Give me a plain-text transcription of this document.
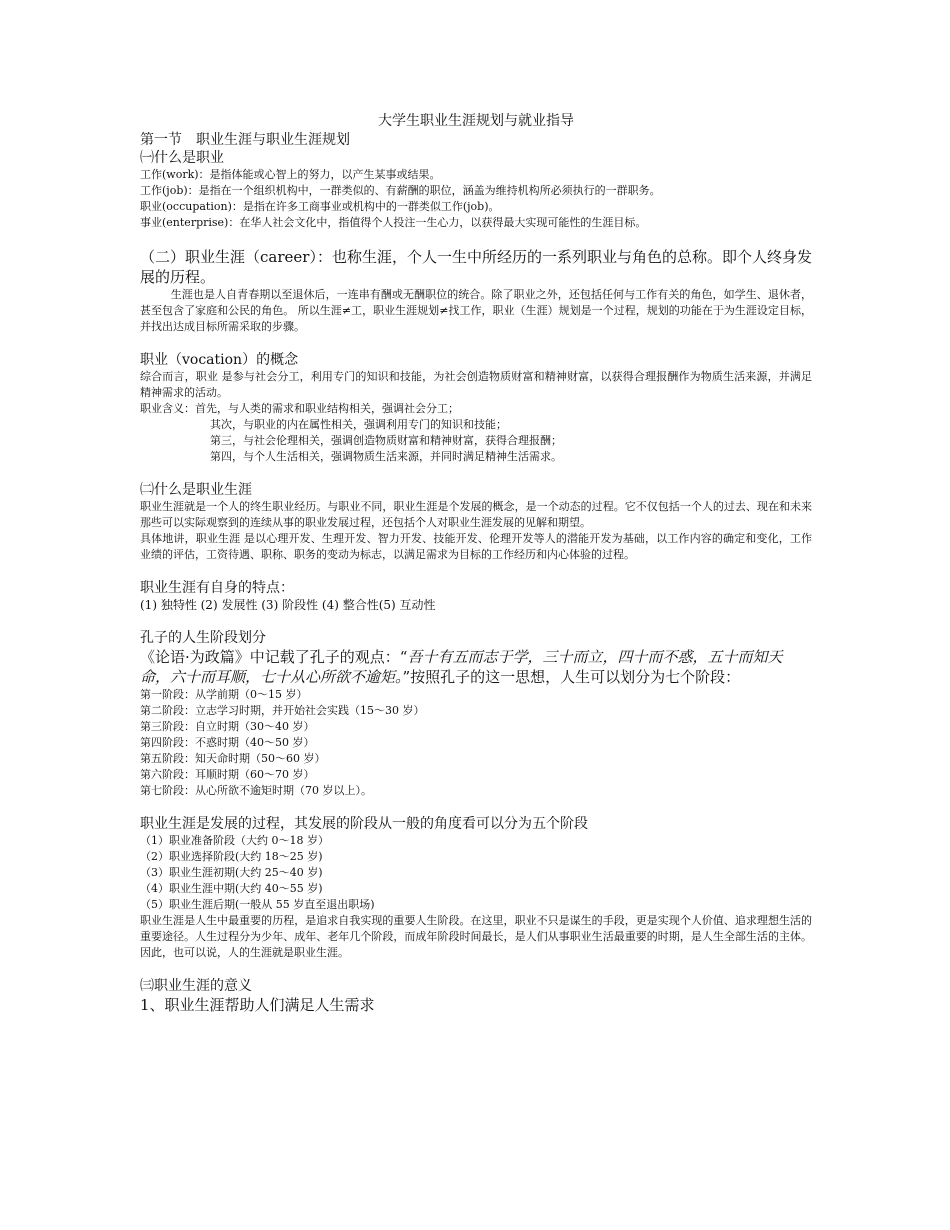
大学生职业生涯规划与就业指导
第一节　职业生涯与职业生涯规划
㈠什么是职业
工作(work)：是指体能或心智上的努力，以产生某事或结果。
工作(job)：是指在一个组织机构中，一群类似的、有薪酬的职位，涵盖为维持机构所必须执行的一群职务。
职业(occupation)：是指在许多工商事业或机构中的一群类似工作(job)。
事业(enterprise)：在华人社会文化中，指值得个人投注一生心力，以获得最大实现可能性的生涯目标。
（二）职业生涯（career）：也称生涯，个人一生中所经历的一系列职业与角色的总称。即个人终身发展的历程。
生涯也是人自青春期以至退休后，一连串有酬或无酬职位的统合。除了职业之外，还包括任何与工作有关的角色，如学生、退休者，甚至包含了家庭和公民的角色。 所以生涯≠工，职业生涯规划≠找工作，职业（生涯）规划是一个过程，规划的功能在于为生涯设定目标，并找出达成目标所需采取的步骤。
职业（vocation）的概念
综合而言，职业 是参与社会分工，利用专门的知识和技能，为社会创造物质财富和精神财富，以获得合理报酬作为物质生活来源，并满足精神需求的活动。
职业含义：首先，与人类的需求和职业结构相关，强调社会分工；
其次，与职业的内在属性相关，强调利用专门的知识和技能；
第三，与社会伦理相关，强调创造物质财富和精神财富，获得合理报酬；
第四，与个人生活相关，强调物质生活来源，并同时满足精神生活需求。
㈡什么是职业生涯
职业生涯就是一个人的终生职业经历。与职业不同，职业生涯是个发展的概念，是一个动态的过程。它不仅包括一个人的过去、现在和未来那些可以实际观察到的连续从事的职业发展过程，还包括个人对职业生涯发展的见解和期望。
具体地讲，职业生涯 是以心理开发、生理开发、智力开发、技能开发、伦理开发等人的潜能开发为基础，以工作内容的确定和变化，工作业绩的评估，工资待遇、职称、职务的变动为标志，以满足需求为目标的工作经历和内心体验的过程。
职业生涯有自身的特点：
(1) 独特性 (2) 发展性 (3) 阶段性 (4) 整合性(5) 互动性
孔子的人生阶段划分
《论语·为政篇》中记载了孔子的观点：“吾十有五而志于学，三十而立，四十而不惑，五十而知天命，六十而耳顺，七十从心所欲不逾矩。”按照孔子的这一思想，人生可以划分为七个阶段：
第一阶段：从学前期（0～15 岁）
第二阶段：立志学习时期，并开始社会实践（15～30 岁）
第三阶段：自立时期（30～40 岁）
第四阶段：不惑时期（40～50 岁）
第五阶段：知天命时期（50～60 岁）
第六阶段：耳顺时期（60～70 岁）
第七阶段：从心所欲不逾矩时期（70 岁以上）。
职业生涯是发展的过程，其发展的阶段从一般的角度看可以分为五个阶段
（1）职业准备阶段（大约 0～18 岁）
（2）职业选择阶段(大约 18～25 岁)
（3）职业生涯初期(大约 25～40 岁)
（4）职业生涯中期(大约 40～55 岁)
（5）职业生涯后期(一般从 55 岁直至退出职场)
职业生涯是人生中最重要的历程，是追求自我实现的重要人生阶段。在这里，职业不只是谋生的手段，更是实现个人价值、追求理想生活的重要途径。人生过程分为少年、成年、老年几个阶段，而成年阶段时间最长，是人们从事职业生活最重要的时期，是人生全部生活的主体。因此，也可以说，人的生涯就是职业生涯。
㈢职业生涯的意义
1、职业生涯帮助人们满足人生需求
